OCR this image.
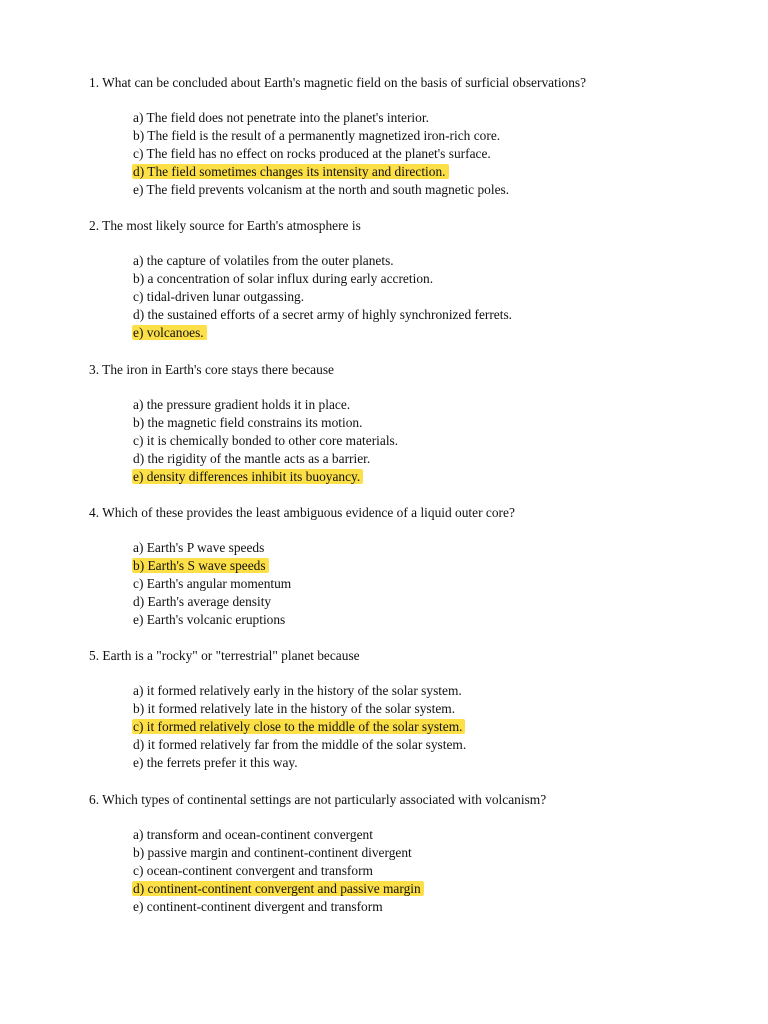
1. What can be concluded about Earth's magnetic field on the basis of surficial observations?
a) The field does not penetrate into the planet's interior.
b) The field is the result of a permanently magnetized iron-rich core.
c) The field has no effect on rocks produced at the planet's surface.
d) The field sometimes changes its intensity and direction.
e) The field prevents volcanism at the north and south magnetic poles.
2. The most likely source for Earth's atmosphere is
a) the capture of volatiles from the outer planets.
b) a concentration of solar influx during early accretion.
c) tidal-driven lunar outgassing.
d) the sustained efforts of a secret army of highly synchronized ferrets.
e) volcanoes.
3. The iron in Earth's core stays there because
a) the pressure gradient holds it in place.
b) the magnetic field constrains its motion.
c) it is chemically bonded to other core materials.
d) the rigidity of the mantle acts as a barrier.
e) density differences inhibit its buoyancy.
4. Which of these provides the least ambiguous evidence of a liquid outer core?
a) Earth's P wave speeds
b) Earth's S wave speeds
c) Earth's angular momentum
d) Earth's average density
e) Earth's volcanic eruptions
5. Earth is a "rocky" or "terrestrial" planet because
a) it formed relatively early in the history of the solar system.
b) it formed relatively late in the history of the solar system.
c) it formed relatively close to the middle of the solar system.
d) it formed relatively far from the middle of the solar system.
e) the ferrets prefer it this way.
6. Which types of continental settings are not particularly associated with volcanism?
a) transform and ocean-continent convergent
b) passive margin and continent-continent divergent
c) ocean-continent convergent and transform
d) continent-continent convergent and passive margin
e) continent-continent divergent and transform
